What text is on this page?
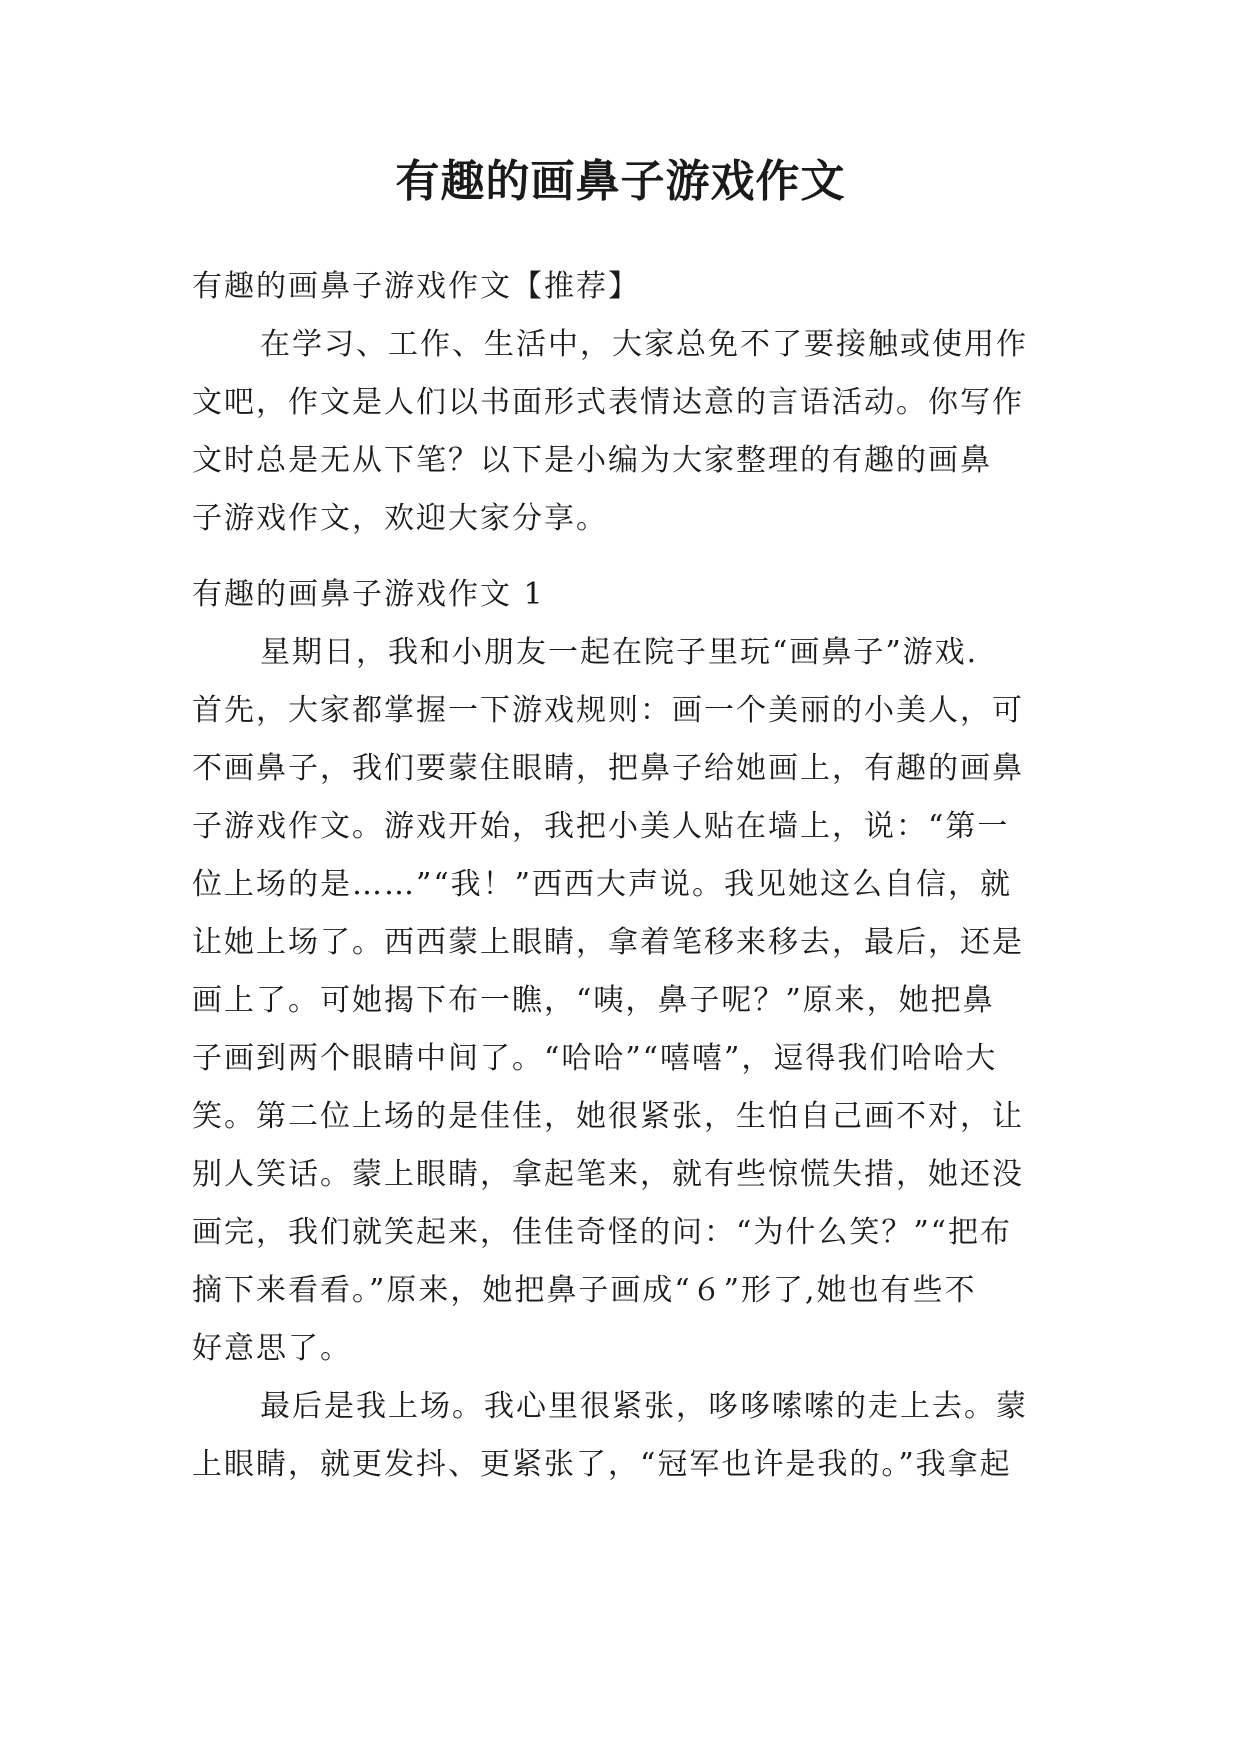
有趣的画鼻子游戏作文
有趣的画鼻子游戏作文【推荐】
在学习、工作、生活中，大家总免不了要接触或使用作
文吧，作文是人们以书面形式表情达意的言语活动。你写作
文时总是无从下笔？以下是小编为大家整理的有趣的画鼻
子游戏作文，欢迎大家分享。
有趣的画鼻子游戏作文 1
星期日，我和小朋友一起在院子里玩“画鼻子”游戏.
首先，大家都掌握一下游戏规则：画一个美丽的小美人，可
不画鼻子，我们要蒙住眼睛，把鼻子给她画上，有趣的画鼻
子游戏作文。游戏开始，我把小美人贴在墙上，说：“第一
位上场的是……”“我！”西西大声说。我见她这么自信，就
让她上场了。西西蒙上眼睛，拿着笔移来移去，最后，还是
画上了。可她揭下布一瞧，“咦，鼻子呢？”原来，她把鼻
子画到两个眼睛中间了。“哈哈”“嘻嘻”，逗得我们哈哈大
笑。第二位上场的是佳佳，她很紧张，生怕自己画不对，让
别人笑话。蒙上眼睛，拿起笔来，就有些惊慌失措，她还没
画完，我们就笑起来，佳佳奇怪的问：“为什么笑？”“把布
摘下来看看。”原来，她把鼻子画成“６”形了,她也有些不
好意思了。
最后是我上场。我心里很紧张，哆哆嗦嗦的走上去。蒙
上眼睛，就更发抖、更紧张了，“冠军也许是我的。”我拿起
